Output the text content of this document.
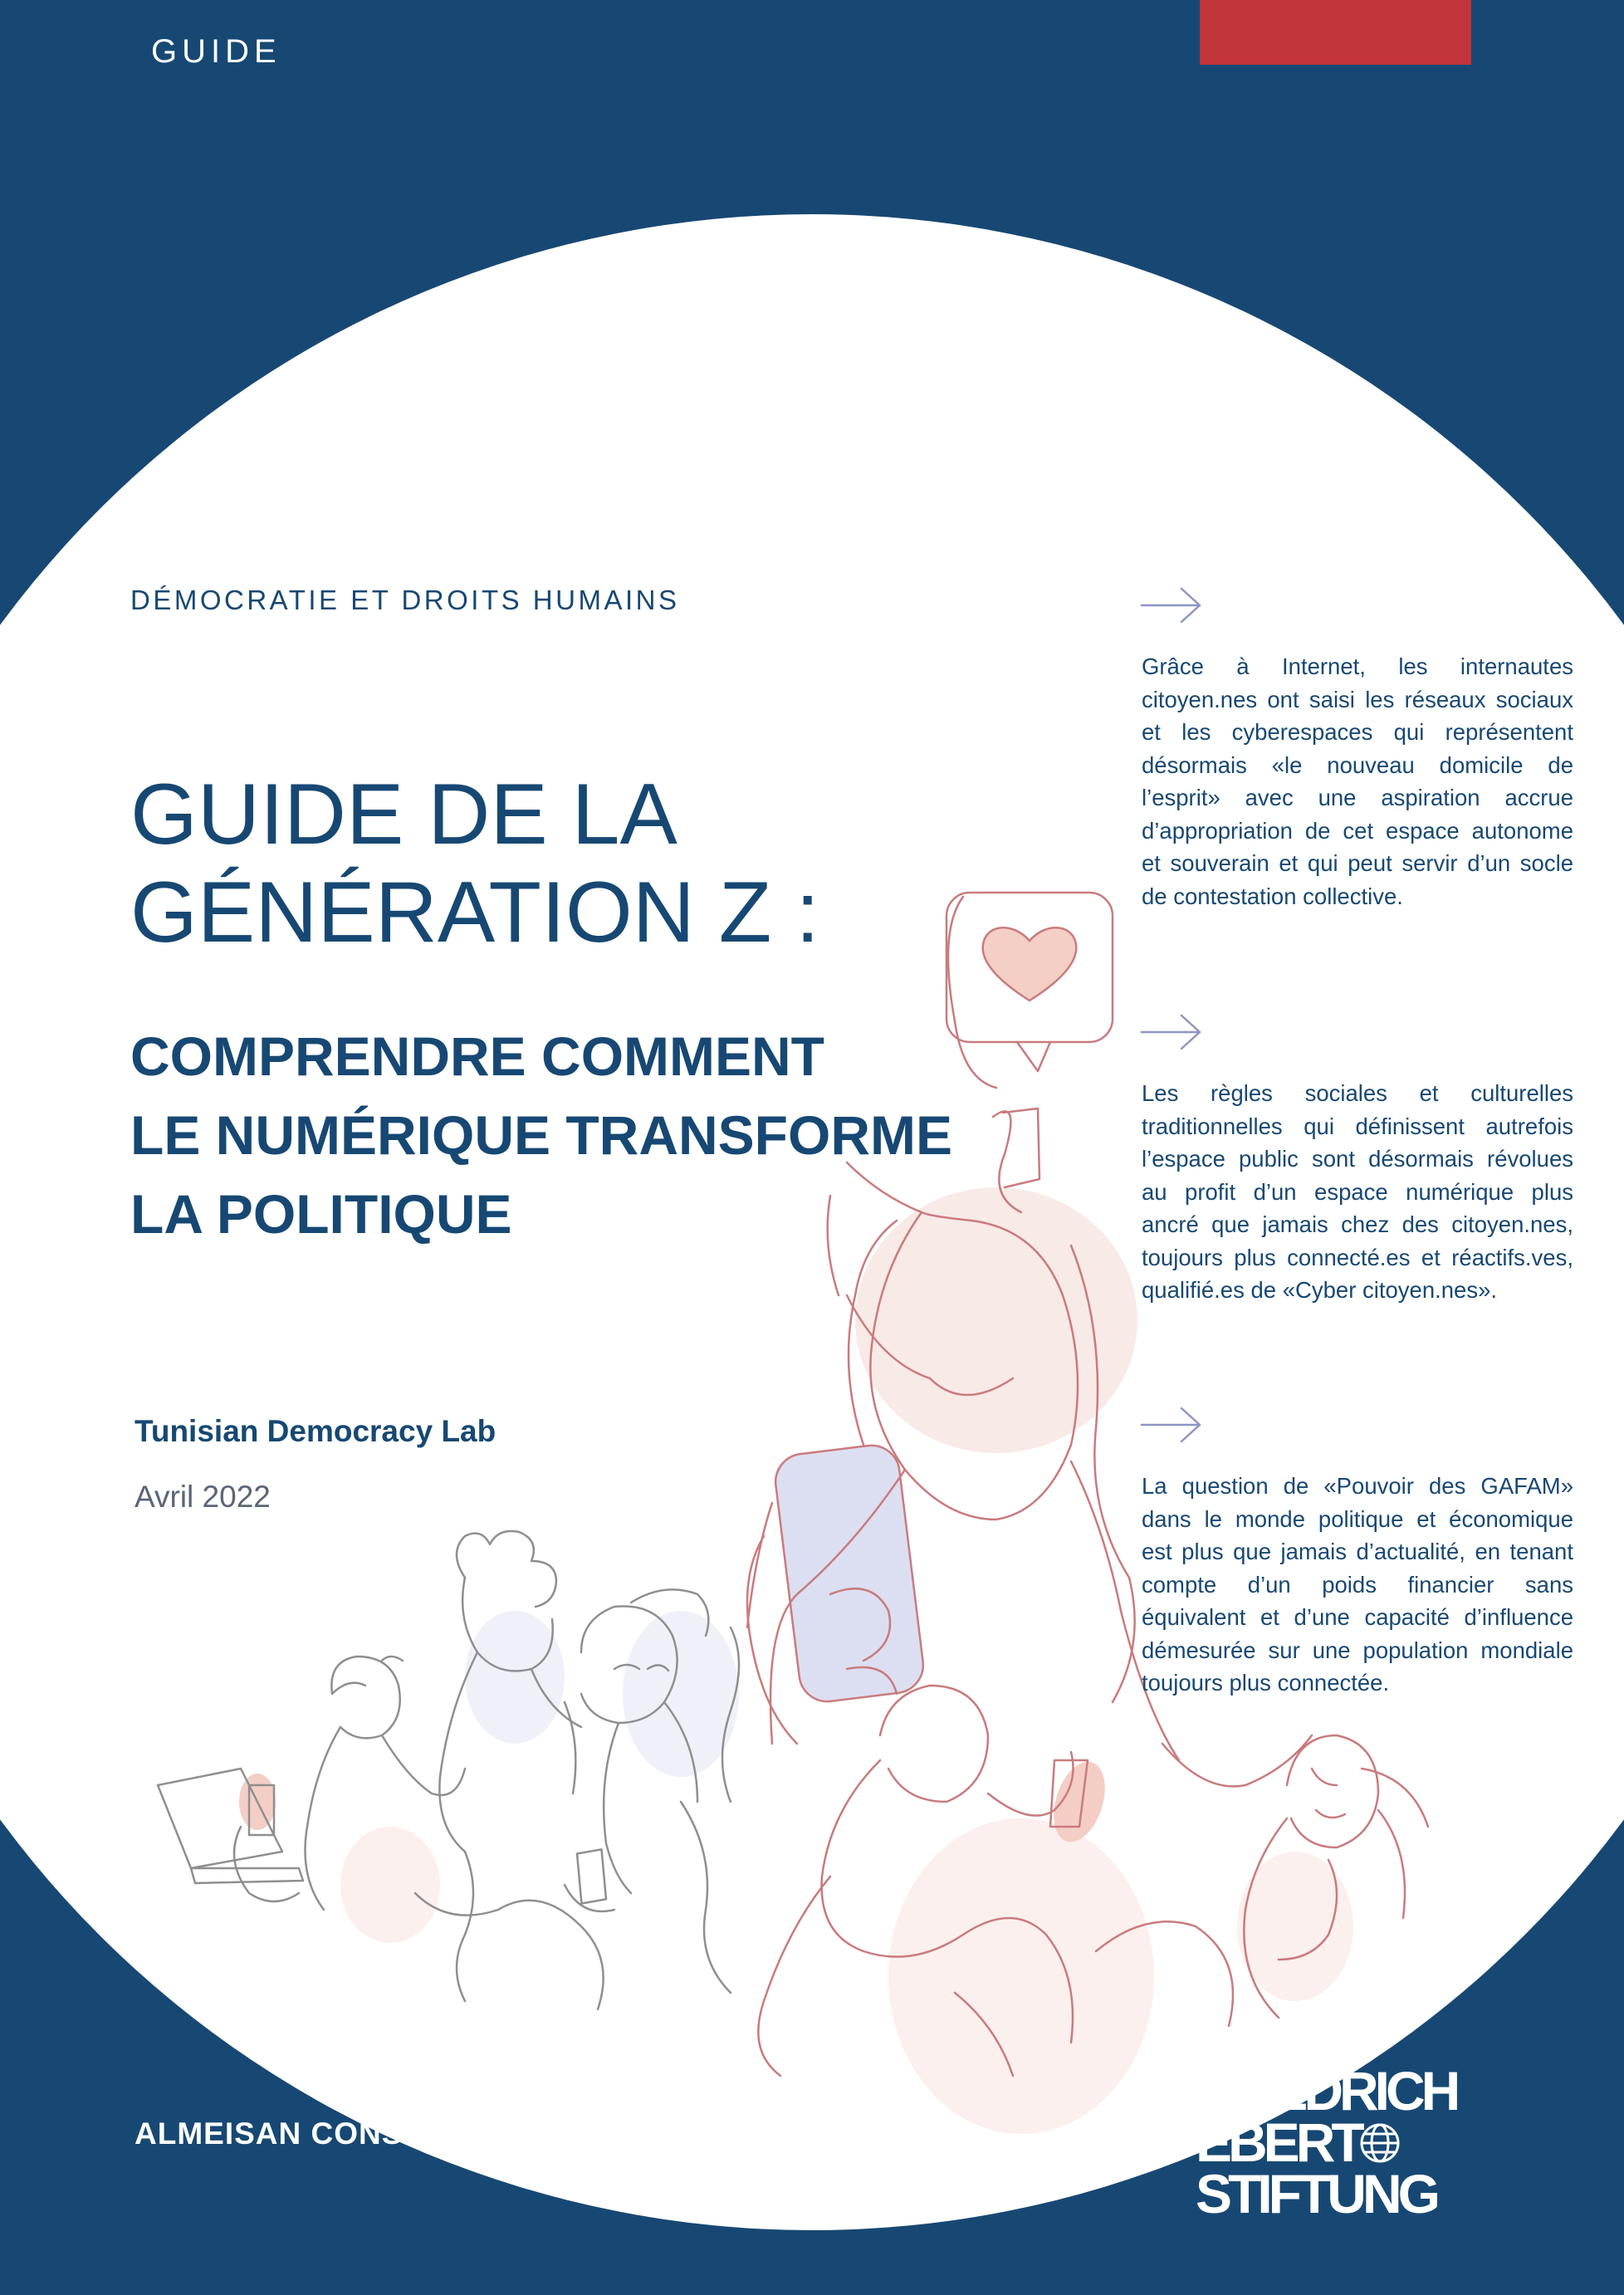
GUIDE
DÉMOCRATIE ET DROITS HUMAINS
GUIDE DE LA
GÉNÉRATION Z :
COMPRENDRE COMMENT
LE NUMÉRIQUE TRANSFORME
LA POLITIQUE
Tunisian Democracy Lab
Avril 2022

Grâce à Internet, les internautes citoyen.nes ont saisi les réseaux sociaux et les cyberespaces qui représentent désormais «le nouveau domicile de l’esprit» avec une aspiration accrue d’appropriation de cet espace autonome et souverain et qui peut servir d’un socle de contestation collective.

Les règles sociales et culturelles traditionnelles qui définissent autrefois l’espace public sont désormais révolues au profit d’un espace numérique plus ancré que jamais chez des citoyen.nes, toujours plus connecté.es et réactifs.ves, qualifié.es de «Cyber citoyen.nes».

La question de «Pouvoir des GAFAM» dans le monde politique et économique est plus que jamais d’actualité, en tenant compte d’un poids financier sans équivalent et d’une capacité d’influence démesurée sur une population mondiale toujours plus connectée.

ALMEISAN CONSULT
FRIEDRICH
EBERT
STIFTUNG
